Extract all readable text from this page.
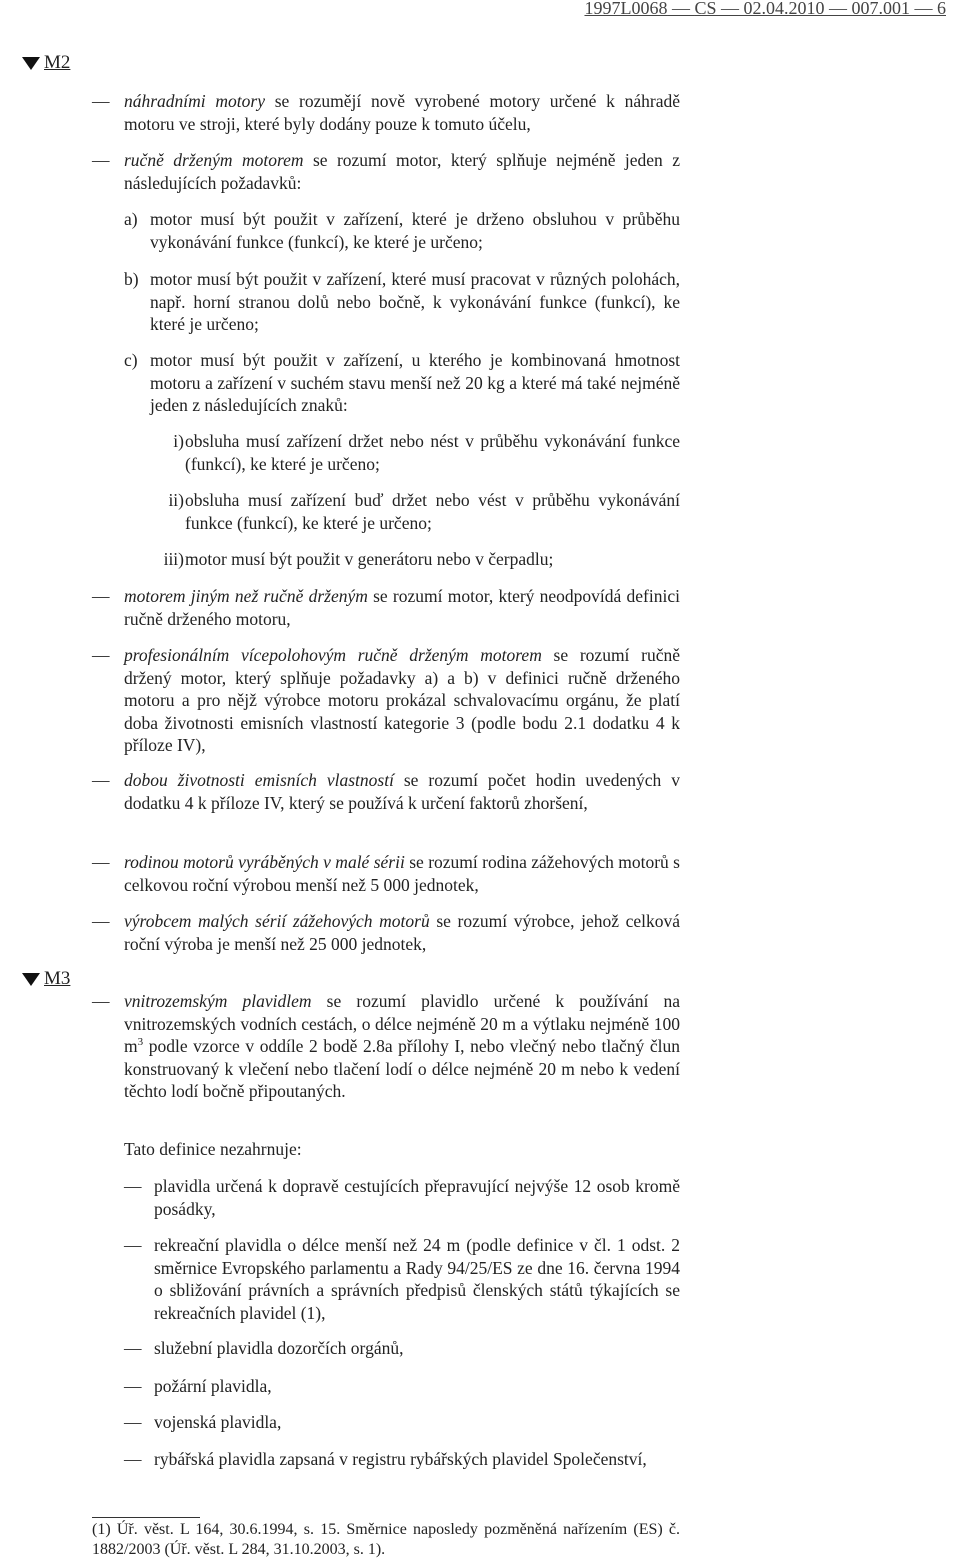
1997L0068 — CS — 02.04.2010 — 007.001 — 6
M2
— náhradními motory se rozumějí nově vyrobené motory určené k náhradě motoru ve stroji, které byly dodány pouze k tomuto účelu,
— ručně drženým motorem se rozumí motor, který splňuje nejméně jeden z následujících požadavků:
a) motor musí být použit v zařízení, které je drženo obsluhou v průběhu vykonávání funkce (funkcí), ke které je určeno;
b) motor musí být použit v zařízení, které musí pracovat v různých polohách, např. horní stranou dolů nebo bočně, k vykonávání funkce (funkcí), ke které je určeno;
c) motor musí být použit v zařízení, u kterého je kombinovaná hmotnost motoru a zařízení v suchém stavu menší než 20 kg a které má také nejméně jeden z následujících znaků:
i) obsluha musí zařízení držet nebo nést v průběhu vykonávání funkce (funkcí), ke které je určeno;
ii) obsluha musí zařízení buď držet nebo vést v průběhu vykonávání funkce (funkcí), ke které je určeno;
iii) motor musí být použit v generátoru nebo v čerpadlu;
— motorem jiným než ručně drženým se rozumí motor, který neodpovídá definici ručně drženého motoru,
— profesionálním vícepolohovým ručně drženým motorem se rozumí ručně držený motor, který splňuje požadavky a) a b) v definici ručně drženého motoru a pro nějž výrobce motoru prokázal schvalovacímu orgánu, že platí doba životnosti emisních vlastností kategorie 3 (podle bodu 2.1 dodatku 4 k příloze IV),
— dobou životnosti emisních vlastností se rozumí počet hodin uvedených v dodatku 4 k příloze IV, který se používá k určení faktorů zhoršení,
— rodinou motorů vyráběných v malé sérii se rozumí rodina zážehových motorů s celkovou roční výrobou menší než 5 000 jednotek,
— výrobcem malých sérií zážehových motorů se rozumí výrobce, jehož celková roční výroba je menší než 25 000 jednotek,
M3
— vnitrozemským plavidlem se rozumí plavidlo určené k používání na vnitrozemských vodních cestách, o délce nejméně 20 m a výtlaku nejméně 100 $m^3$ podle vzorce v oddíle 2 bodě 2.8a přílohy I, nebo vlečný nebo tlačný člun konstruovaný k vlečení nebo tlačení lodí o délce nejméně 20 m nebo k vedení těchto lodí bočně připoutaných.
Tato definice nezahrnuje:
— plavidla určená k dopravě cestujících přepravující nejvýše 12 osob kromě posádky,
— rekreační plavidla o délce menší než 24 m (podle definice v čl. 1 odst. 2 směrnice Evropského parlamentu a Rady 94/25/ES ze dne 16. června 1994 o sbližování právních a správních předpisů členských států týkajících se rekreačních plavidel (1),
— služební plavidla dozorčích orgánů,
— požární plavidla,
— vojenská plavidla,
— rybářská plavidla zapsaná v registru rybářských plavidel Společenství,
(1) Úř. věst. L 164, 30.6.1994, s. 15. Směrnice naposledy pozměněná nařízením (ES) č. 1882/2003 (Úř. věst. L 284, 31.10.2003, s. 1).
